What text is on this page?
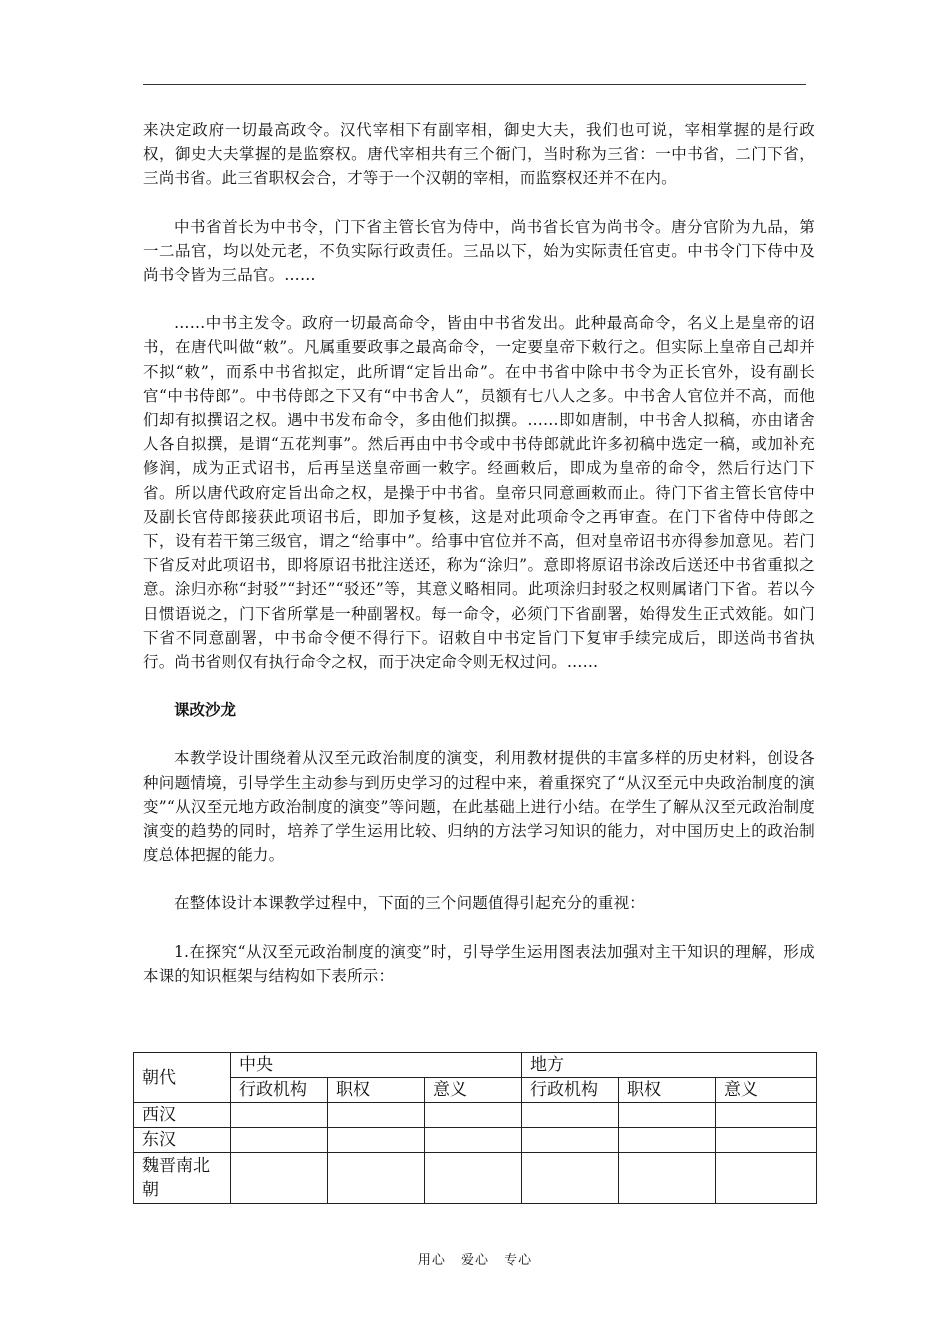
来决定政府一切最高政令。汉代宰相下有副宰相，御史大夫，我们也可说，宰相掌握的是行政权，御史大夫掌握的是监察权。唐代宰相共有三个衙门，当时称为三省：一中书省，二门下省，三尚书省。此三省职权会合，才等于一个汉朝的宰相，而监察权还并不在内。

中书省首长为中书令，门下省主管长官为侍中，尚书省长官为尚书令。唐分官阶为九品，第一二品官，均以处元老，不负实际行政责任。三品以下，始为实际责任官吏。中书令门下侍中及尚书令皆为三品官。……

……中书主发令。政府一切最高命令，皆由中书省发出。此种最高命令，名义上是皇帝的诏书，在唐代叫做“敕”。凡属重要政事之最高命令，一定要皇帝下敕行之。但实际上皇帝自己却并不拟“敕”，而系中书省拟定，此所谓“定旨出命”。在中书省中除中书令为正长官外，设有副长官“中书侍郎”。中书侍郎之下又有“中书舍人”，员额有七八人之多。中书舍人官位并不高，而他们却有拟撰诏之权。遇中书发布命令，多由他们拟撰。……即如唐制，中书舍人拟稿，亦由诸舍人各自拟撰，是谓“五花判事”。然后再由中书令或中书侍郎就此许多初稿中选定一稿，或加补充修润，成为正式诏书，后再呈送皇帝画一敕字。经画敕后，即成为皇帝的命令，然后行达门下省。所以唐代政府定旨出命之权，是操于中书省。皇帝只同意画敕而止。待门下省主管长官侍中及副长官侍郎接获此项诏书后，即加予复核，这是对此项命令之再审查。在门下省侍中侍郎之下，设有若干第三级官，谓之“给事中”。给事中官位并不高，但对皇帝诏书亦得参加意见。若门下省反对此项诏书，即将原诏书批注送还，称为“涂归”。意即将原诏书涂改后送还中书省重拟之意。涂归亦称“封驳”“封还”“驳还”等，其意义略相同。此项涂归封驳之权则属诸门下省。若以今日惯语说之，门下省所掌是一种副署权。每一命令，必须门下省副署，始得发生正式效能。如门下省不同意副署，中书命令便不得行下。诏敕自中书定旨门下复审手续完成后，即送尚书省执行。尚书省则仅有执行命令之权，而于决定命令则无权过问。……

课改沙龙

本教学设计围绕着从汉至元政治制度的演变，利用教材提供的丰富多样的历史材料，创设各种问题情境，引导学生主动参与到历史学习的过程中来，着重探究了“从汉至元中央政治制度的演变”“从汉至元地方政治制度的演变”等问题，在此基础上进行小结。在学生了解从汉至元政治制度演变的趋势的同时，培养了学生运用比较、归纳的方法学习知识的能力，对中国历史上的政治制度总体把握的能力。

在整体设计本课教学过程中，下面的三个问题值得引起充分的重视：

1.在探究“从汉至元政治制度的演变”时，引导学生运用图表法加强对主干知识的理解，形成本课的知识框架与结构如下表所示：

朝代	中央			地方		
	行政机构	职权	意义	行政机构	职权	意义
西汉						
东汉						
魏晋南北朝						
用心 爱心 专心
